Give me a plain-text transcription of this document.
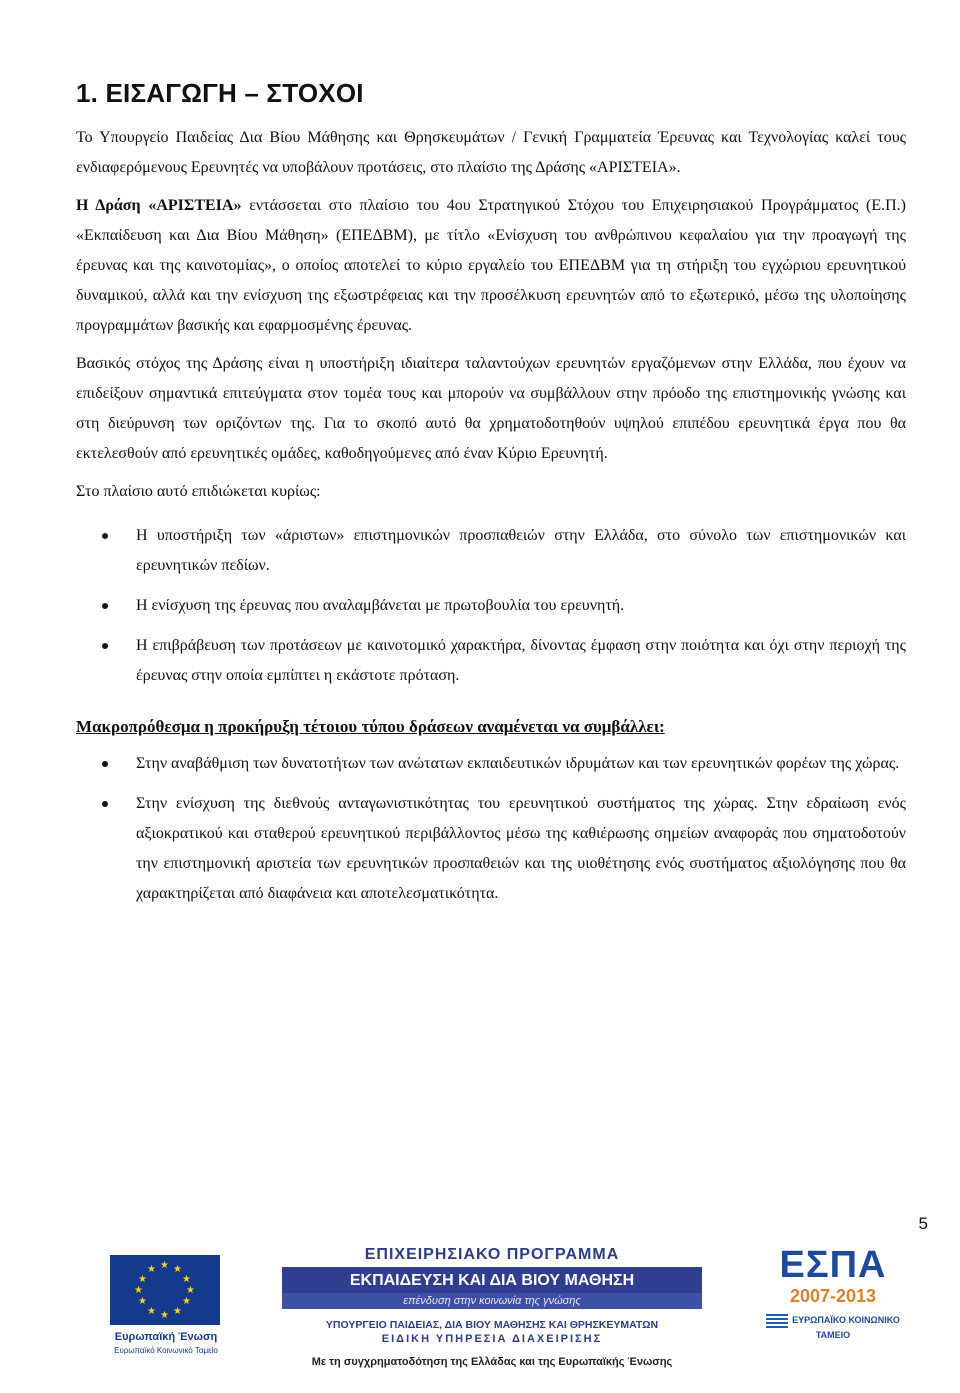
1. ΕΙΣΑΓΩΓΗ – ΣΤΟΧΟΙ

Το Υπουργείο Παιδείας Δια Βίου Μάθησης και Θρησκευμάτων / Γενική Γραμματεία Έρευνας και Τεχνολογίας καλεί τους ενδιαφερόμενους Ερευνητές να υποβάλουν προτάσεις, στο πλαίσιο της Δράσης «ΑΡΙΣΤΕΙΑ».

Η Δράση «ΑΡΙΣΤΕΙΑ» εντάσσεται στο πλαίσιο του 4ου Στρατηγικού Στόχου του Επιχειρησιακού Προγράμματος (Ε.Π.) «Εκπαίδευση και Δια Βίου Μάθηση» (ΕΠΕΔΒΜ), με τίτλο «Ενίσχυση του ανθρώπινου κεφαλαίου για την προαγωγή της έρευνας και της καινοτομίας», ο οποίος αποτελεί το κύριο εργαλείο του ΕΠΕΔΒΜ για τη στήριξη του εγχώριου ερευνητικού δυναμικού, αλλά και την ενίσχυση της εξωστρέφειας και την προσέλκυση ερευνητών από το εξωτερικό, μέσω της υλοποίησης προγραμμάτων βασικής και εφαρμοσμένης έρευνας.

Βασικός στόχος της Δράσης είναι η υποστήριξη ιδιαίτερα ταλαντούχων ερευνητών εργαζόμενων στην Ελλάδα, που έχουν να επιδείξουν σημαντικά επιτεύγματα στον τομέα τους και μπορούν να συμβάλλουν στην πρόοδο της επιστημονικής γνώσης και στη διεύρυνση των οριζόντων της. Για το σκοπό αυτό θα χρηματοδοτηθούν υψηλού επιπέδου ερευνητικά έργα που θα εκτελεσθούν από ερευνητικές ομάδες, καθοδηγούμενες από έναν Κύριο Ερευνητή.

Στο πλαίσιο αυτό επιδιώκεται κυρίως:

Η υποστήριξη των «άριστων» επιστημονικών προσπαθειών στην Ελλάδα, στο σύνολο των επιστημονικών και ερευνητικών πεδίων.

Η ενίσχυση της έρευνας που αναλαμβάνεται με πρωτοβουλία του ερευνητή.

Η επιβράβευση των προτάσεων με καινοτομικό χαρακτήρα, δίνοντας έμφαση στην ποιότητα και όχι στην περιοχή της έρευνας στην οποία εμπίπτει η εκάστοτε πρόταση.

Μακροπρόθεσμα η προκήρυξη τέτοιου τύπου δράσεων αναμένεται να συμβάλλει:

Στην αναβάθμιση των δυνατοτήτων των ανώτατων εκπαιδευτικών ιδρυμάτων και των ερευνητικών φορέων της χώρας.

Στην ενίσχυση της διεθνούς ανταγωνιστικότητας του ερευνητικού συστήματος της χώρας. Στην εδραίωση ενός αξιοκρατικού και σταθερού ερευνητικού περιβάλλοντος μέσω της καθιέρωσης σημείων αναφοράς που σηματοδοτούν την επιστημονική αριστεία των ερευνητικών προσπαθειών και της υιοθέτησης ενός συστήματος αξιολόγησης που θα χαρακτηρίζεται από διαφάνεια και αποτελεσματικότητα.

5
★ ★
★
★
★
★
★
★
★
★
★
★
Ευρωπαϊκή Ένωση
Ευρωπαϊκό Κοινωνικό Ταμείο
ΕΠΙΧΕΙΡΗΣΙΑΚΟ ΠΡΟΓΡΑΜΜΑ
ΕΚΠΑΙΔΕΥΣΗ ΚΑΙ ΔΙΑ ΒΙΟΥ ΜΑΘΗΣΗ
επένδυση στην κοινωνία της γνώσης
ΥΠΟΥΡΓΕΙΟ ΠΑΙΔΕΙΑΣ, ΔΙΑ ΒΙΟΥ ΜΑΘΗΣΗΣ ΚΑΙ ΘΡΗΣΚΕΥΜΑΤΩΝ
ΕΙΔΙΚΗ ΥΠΗΡΕΣΙΑ ΔΙΑΧΕΙΡΙΣΗΣ
Με τη συγχρηματοδότηση της Ελλάδας και της Ευρωπαϊκής Ένωσης
ΕΣΠΑ
2007-2013
ΕΥΡΩΠΑΪΚΟ ΚΟΙΝΩΝΙΚΟ ΤΑΜΕΙΟ
